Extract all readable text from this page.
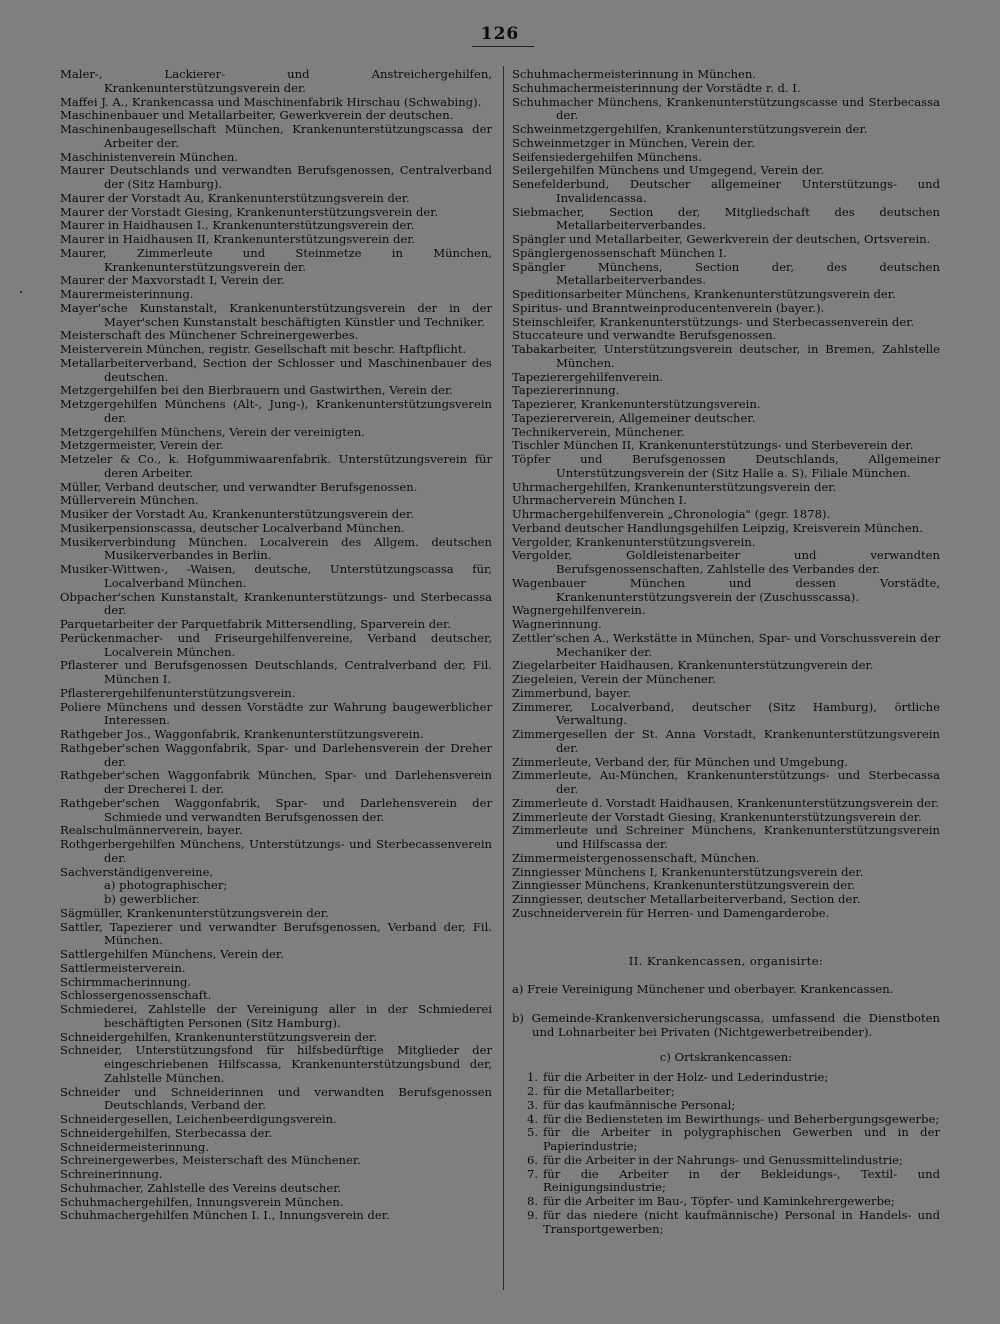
126
Maler-, Lackierer- und Anstreichergehilfen, Krankenunterstützungsverein der.
Maffei J. A., Krankencassa und Maschinenfabrik Hirschau (Schwabing).
Maschinenbauer und Metallarbeiter, Gewerkverein der deutschen.
Maschinenbaugesellschaft München, Krankenunterstützungscassa der Arbeiter der.
Maschinistenverein München.
Maurer Deutschlands und verwandten Berufsgenossen, Centralverband der (Sitz Hamburg).
Maurer der Vorstadt Au, Krankenunterstützungsverein der.
Maurer der Vorstadt Giesing, Krankenunterstützungsverein der.
Maurer in Haidhausen I., Krankenunterstützungsverein der.
Maurer in Haidhausen II, Krankenunterstützungsverein der.
Maurer, Zimmerleute und Steinmetze in München, Krankenunterstützungsverein der.
Maurer der Maxvorstadt I, Verein der.
Maurermeisterinnung.
Mayer'sche Kunstanstalt, Krankenunterstützungsverein der in der Mayer'schen Kunstanstalt beschäftigten Künstler und Techniker.
Meisterschaft des Münchener Schreinergewerbes.
Meisterverein München, registr. Gesellschaft mit beschr. Haftpflicht.
Metallarbeiterverband, Section der Schlosser und Maschinenbauer des deutschen.
Metzgergehilfen bei den Bierbrauern und Gastwirthen, Verein der.
Metzgergehilfen Münchens (Alt-, Jung-), Krankenunterstützungsverein der.
Metzgergehilfen Münchens, Verein der vereinigten.
Metzgermeister, Verein der.
Metzeler & Co., k. Hofgummiwaarenfabrik. Unterstützungsverein für deren Arbeiter.
Müller, Verband deutscher, und verwandter Berufsgenossen.
Müllerverein München.
Musiker der Vorstadt Au, Krankenunterstützungsverein der.
Musikerpensionscassa, deutscher Localverband München.
Musikerverbindung München. Localverein des Allgem. deutschen Musikerverbandes in Berlin.
Musiker-Wittwen-, -Waisen, deutsche, Unterstützungscassa für, Localverband München.
Obpacher'schen Kunstanstalt, Krankenunterstützungs- und Sterbecassa der.
Parquetarbeiter der Parquetfabrik Mittersendling, Sparverein der.
Perückenmacher- und Friseurgehilfenvereine, Verband deutscher, Localverein München.
Pflasterer und Berufsgenossen Deutschlands, Centralverband der, Fil. München I.
Pflasterergehilfenunterstützungsverein.
Poliere Münchens und dessen Vorstädte zur Wahrung baugewerblicher Interessen.
Rathgeber Jos., Waggonfabrik, Krankenunterstützungsverein.
Rathgeber'schen Waggonfabrik, Spar- und Darlehensverein der Dreher der.
Rathgeber'schen Waggonfabrik München, Spar- und Darlehensverein der Drecherei I. der.
Rathgeber'schen Waggonfabrik, Spar- und Darlehensverein der Schmiede und verwandten Berufsgenossen der.
Realschulmännerverein, bayer.
Rothgerbergehilfen Münchens, Unterstützungs- und Sterbecassenverein der.
Sachverständigenvereine,
a) photographischer;
b) gewerblicher.
Sägmüller, Krankenunterstützungsverein der.
Sattler, Tapezierer und verwandter Berufsgenossen, Verband der, Fil. München.
Sattlergehilfen Münchens, Verein der.
Sattlermeisterverein.
Schirmmacherinnung.
Schlossergenossenschaft.
Schmiederei, Zahlstelle der Vereinigung aller in der Schmiederei beschäftigten Personen (Sitz Hamburg).
Schneidergehilfen, Krankenunterstützungsverein der.
Schneider, Unterstützungsfond für hilfsbedürftige Mitglieder der eingeschriebenen Hilfscassa, Krankenunterstützungsbund der, Zahlstelle München.
Schneider und Schneiderinnen und verwandten Berufsgenossen Deutschlands, Verband der.
Schneidergesellen, Leichenbeerdigungsverein.
Schneidergehilfen, Sterbecassa der.
Schneidermeisterinnung.
Schreinergewerbes, Meisterschaft des Münchener.
Schreinerinnung.
Schuhmacher, Zahlstelle des Vereins deutscher.
Schuhmachergehilfen, Innungsverein München.
Schuhmachergehilfen München I. I., Innungsverein der.
Schuhmachermeisterinnung in München.
Schuhmachermeisterinnung der Vorstädte r. d. I.
Schuhmacher Münchens, Krankenunterstützungscasse und Sterbecassa der.
Schweinmetzgergehilfen, Krankenunterstützungsverein der.
Schweinmetzger in München, Verein der.
Seifensiedergehilfen Münchens.
Seilergehilfen Münchens und Umgegend, Verein der.
Senefelderbund, Deutscher allgemeiner Unterstützungs- und Invalidencassa.
Siebmacher, Section der, Mitgliedschaft des deutschen Metallarbeiterverbandes.
Spängler und Metallarbeiter, Gewerkverein der deutschen, Ortsverein.
Spänglergenossenschaft München I.
Spängler Münchens, Section der, des deutschen Metallarbeiterverbandes.
Speditionsarbeiter Münchens, Krankenunterstützungsverein der.
Spiritus- und Branntweinproducentenverein (bayer.).
Steinschleifer, Krankenunterstützungs- und Sterbecassenverein der.
Stuccateure und verwandte Berufsgenossen.
Tabakarbeiter, Unterstützungsverein deutscher, in Bremen, Zahlstelle München.
Tapezierergehilfenverein.
Tapeziererinnung.
Tapezierer, Krankenunterstützungsverein.
Tapeziererverein, Allgemeiner deutscher.
Technikerverein, Münchener.
Tischler München II, Krankenunterstützungs- und Sterbeverein der.
Töpfer und Berufsgenossen Deutschlands, Allgemeiner Unterstützungsverein der (Sitz Halle a. S), Filiale München.
Uhrmachergehilfen, Krankenunterstützungsverein der.
Uhrmacherverein München I.
Uhrmachergehilfenverein „Chronologia" (gegr. 1878).
Verband deutscher Handlungsgehilfen Leipzig, Kreisverein München.
Vergolder, Krankenunterstützungsverein.
Vergolder, Goldleistenarbeiter und verwandten Berufsgenossenschaften, Zahlstelle des Verbandes der.
Wagenbauer München und dessen Vorstädte, Krankenunterstützungsverein der (Zuschusscassa).
Wagnergehilfenverein.
Wagnerinnung.
Zettler'schen A., Werkstätte in München, Spar- und Vorschussverein der Mechaniker der.
Ziegelarbeiter Haidhausen, Krankenunterstützungverein der.
Ziegeleien, Verein der Münchener.
Zimmerbund, bayer.
Zimmerer, Localverband, deutscher (Sitz Hamburg), örtliche Verwaltung.
Zimmergesellen der St. Anna Vorstadt, Krankenunterstützungsverein der.
Zimmerleute, Verband der, für München und Umgebung.
Zimmerleute, Au-München, Krankenunterstützungs- und Sterbecassa der.
Zimmerleute d. Vorstadt Haidhausen, Krankenunterstützungsverein der.
Zimmerleute der Vorstadt Giesing, Krankenunterstützungsverein der.
Zimmerleute und Schreiner Münchens, Krankenunterstützungsverein und Hilfscassa der.
Zimmermeistergenossenschaft, München.
Zinngiesser Münchens I, Krankenunterstützungsverein der.
Zinngiesser Münchens, Krankenunterstützungsverein der.
Zinngiesser, deutscher Metallarbeiterverband, Section der.
Zuschneiderverein für Herren- und Damengarderobe.
II. Krankencassen, organisirte:
a) Freie Vereinigung Münchener und oberbayer. Krankencassen.
b) Gemeinde-Krankenversicherungscassa, umfassend die Dienstboten und Lohnarbeiter bei Privaten (Nichtgewerbetreibender).
c) Ortskrankencassen:
1. für die Arbeiter in der Holz- und Lederindustrie;
2. für die Metallarbeiter;
3. für das kaufmännische Personal;
4. für die Bediensteten im Bewirthungs- und Beherbergungsgewerbe;
5. für die Arbeiter in polygraphischen Gewerben und in der Papierindustrie;
6. für die Arbeiter in der Nahrungs- und Genussmittelindustrie;
7. für die Arbeiter in der Bekleidungs-, Textil- und Reinigungsindustrie;
8. für die Arbeiter im Bau-, Töpfer- und Kaminkehrergewerbe;
9. für das niedere (nicht kaufmännische) Personal in Handels- und Transportgewerben;
